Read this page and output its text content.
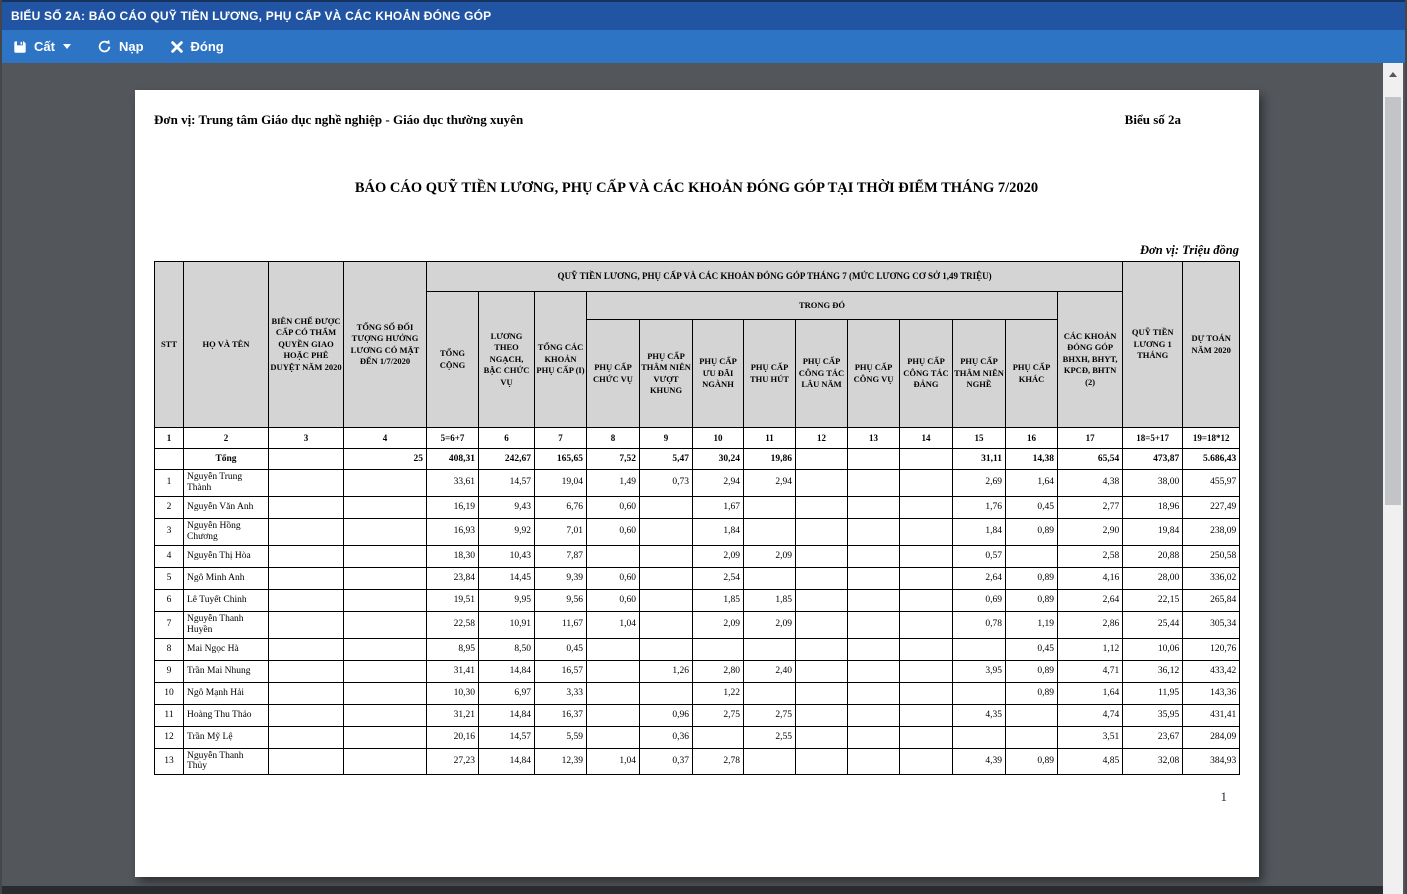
BIỂU SỐ 2A: BÁO CÁO QUỸ TIỀN LƯƠNG, PHỤ CẤP VÀ CÁC KHOẢN ĐÓNG GÓP
Cất	Nạp	Đóng
Đơn vị: Trung tâm Giáo dục nghề nghiệp - Giáo dục thường xuyên	Biểu số 2a
BÁO CÁO QUỸ TIỀN LƯƠNG, PHỤ CẤP VÀ CÁC KHOẢN ĐÓNG GÓP TẠI THỜI ĐIỂM THÁNG 7/2020
Đơn vị: Triệu đồng
STT	HỌ VÀ TÊN	BIÊN CHẾ ĐƯỢC CẤP CÓ THẨM QUYỀN GIAO HOẶC PHÊ DUYỆT NĂM 2020	TỔNG SỐ ĐỐI TƯỢNG HƯỞNG LƯƠNG CÓ MẶT ĐẾN 1/7/2020	QUỸ TIỀN LƯƠNG, PHỤ CẤP VÀ CÁC KHOẢN ĐÓNG GÓP THÁNG 7 (MỨC LƯƠNG CƠ SỞ 1,49 TRIỆU)													QUỸ TIỀN LƯƠNG 1 THÁNG	DỰ TOÁN NĂM 2020
				TỔNG CỘNG	LƯƠNG THEO NGẠCH, BẬC CHỨC VỤ	TỔNG CÁC KHOẢN PHỤ CẤP (I)	TRONG ĐÓ									CÁC KHOẢN ĐÓNG GÓP BHXH, BHYT, KPCĐ, BHTN (2)		
							PHỤ CẤP CHỨC VỤ	PHỤ CẤP THÂM NIÊN VƯỢT KHUNG	PHỤ CẤP ƯU ĐÃI NGÀNH	PHỤ CẤP THU HÚT	PHỤ CẤP CÔNG TÁC LÂU NĂM	PHỤ CẤP CÔNG VỤ	PHỤ CẤP CÔNG TÁC ĐẢNG	PHỤ CẤP THÂM NIÊN NGHỀ	PHỤ CẤP KHÁC			
1	2	3	4	5=6+7	6	7	8	9	10	11	12	13	14	15	16	17	18=5+17	19=18*12
	Tổng		25	408,31	242,67	165,65	7,52	5,47	30,24	19,86				31,11	14,38	65,54	473,87	5.686,43
1	Nguyễn Trung Thành			33,61	14,57	19,04	1,49	0,73	2,94	2,94				2,69	1,64	4,38	38,00	455,97
2	Nguyễn Văn Anh			16,19	9,43	6,76	0,60		1,67					1,76	0,45	2,77	18,96	227,49
3	Nguyễn Hồng Chương			16,93	9,92	7,01	0,60		1,84					1,84	0,89	2,90	19,84	238,09
4	Nguyễn Thị Hòa			18,30	10,43	7,87			2,09	2,09				0,57		2,58	20,88	250,58
5	Ngô Minh Anh			23,84	14,45	9,39	0,60		2,54					2,64	0,89	4,16	28,00	336,02
6	Lê Tuyết Chinh			19,51	9,95	9,56	0,60		1,85	1,85				0,69	0,89	2,64	22,15	265,84
7	Nguyễn Thanh Huyền			22,58	10,91	11,67	1,04		2,09	2,09				0,78	1,19	2,86	25,44	305,34
8	Mai Ngọc Hà			8,95	8,50	0,45									0,45	1,12	10,06	120,76
9	Trần Mai Nhung			31,41	14,84	16,57		1,26	2,80	2,40				3,95	0,89	4,71	36,12	433,42
10	Ngô Mạnh Hải			10,30	6,97	3,33			1,22						0,89	1,64	11,95	143,36
11	Hoàng Thu Thảo			31,21	14,84	16,37		0,96	2,75	2,75				4,35		4,74	35,95	431,41
12	Trần Mỹ Lệ			20,16	14,57	5,59		0,36		2,55						3,51	23,67	284,09
13	Nguyễn Thanh Thủy			27,23	14,84	12,39	1,04	0,37	2,78					4,39	0,89	4,85	32,08	384,93
1
